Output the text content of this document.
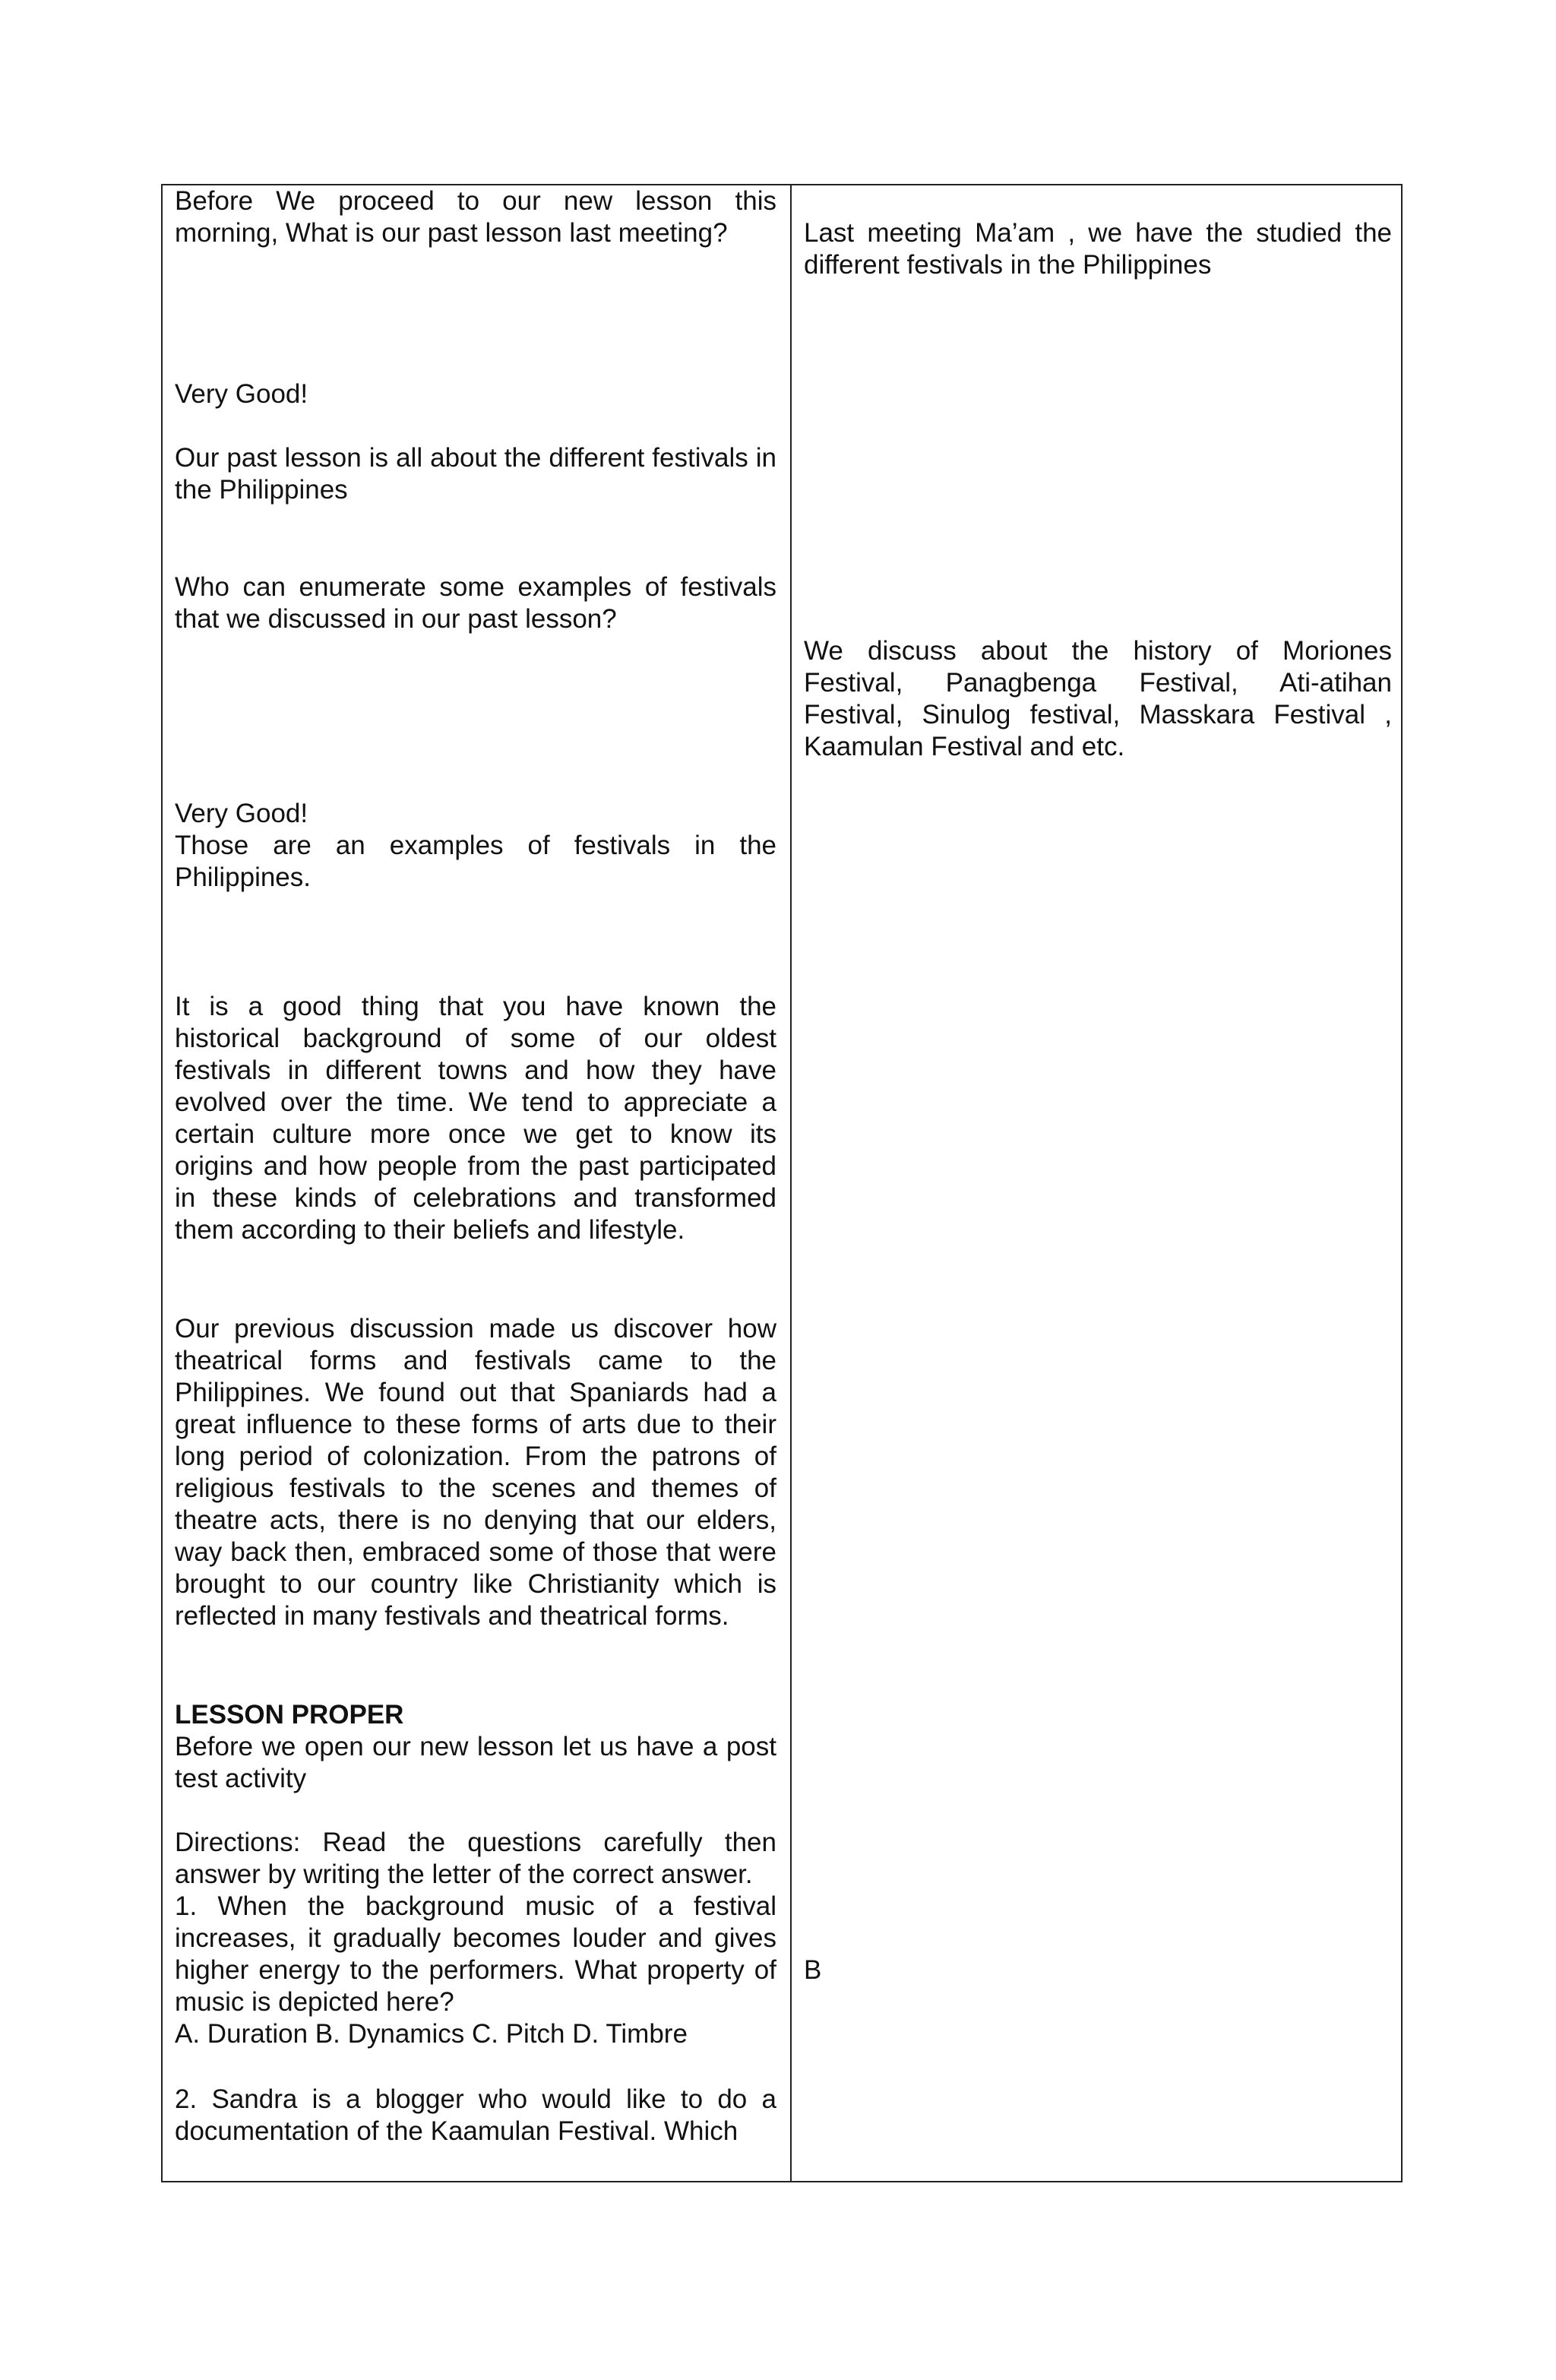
Before We proceed to our new lesson this morning, What is our past lesson last meeting?

Very Good!

Our past lesson is all about the different festivals in the Philippines

Who can enumerate some examples of festivals that we discussed in our past lesson?

Very Good!

Those are an examples of festivals in the Philippines.

It is a good thing that you have known the historical background of some of our oldest festivals in different towns and how they have evolved over the time. We tend to appreciate a certain culture more once we get to know its origins and how people from the past participated in these kinds of celebrations and transformed them according to their beliefs and lifestyle.

Our previous discussion made us discover how theatrical forms and festivals came to the Philippines. We found out that Spaniards had a great influence to these forms of arts due to their long period of colonization. From the patrons of religious festivals to the scenes and themes of theatre acts, there is no denying that our elders, way back then, embraced some of those that were brought to our country like Christianity which is reflected in many festivals and theatrical forms.

LESSON PROPER

Before we open our new lesson let us have a post test activity

Directions: Read the questions carefully then answer by writing the letter of the correct answer.

1. When the background music of a festival increases, it gradually becomes louder and gives higher energy to the performers. What property of music is depicted here?

A. Duration B. Dynamics C. Pitch D. Timbre

2. Sandra is a blogger who would like to do a documentation of the Kaamulan Festival. Which

Last meeting Ma’am , we have the studied the different festivals in the Philippines

We discuss about the history of Moriones Festival, Panagbenga Festival, Ati-atihan Festival, Sinulog festival, Masskara Festival , Kaamulan Festival and etc.

B
